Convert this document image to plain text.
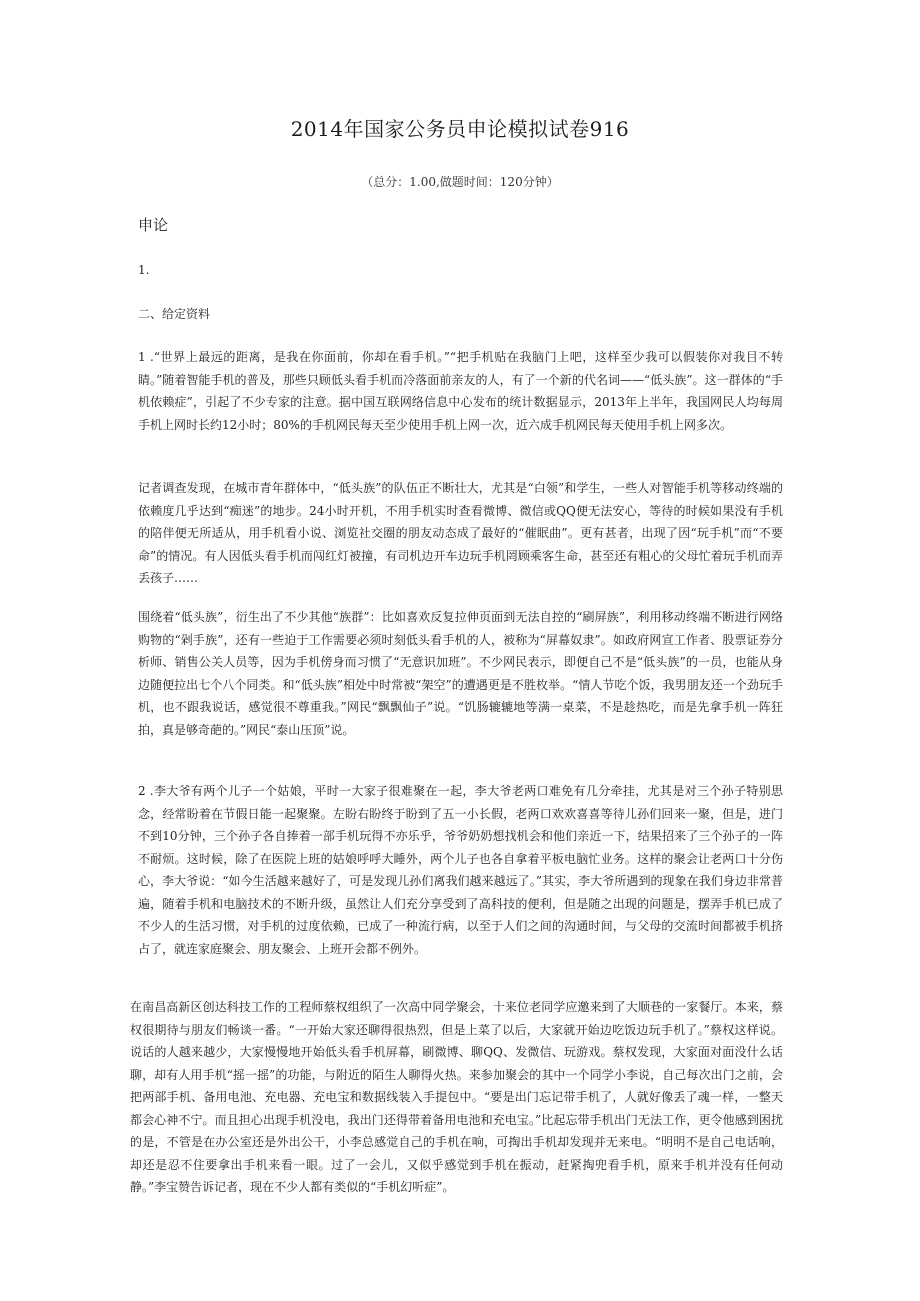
2014年国家公务员申论模拟试卷916
（总分：1.00,做题时间：120分钟）
申论
1.
二、给定资料

1 .“世界上最远的距离，是我在你面前，你却在看手机。”“把手机贴在我脑门上吧，这样至少我可以假装你对我目不转睛。”随着智能手机的普及，那些只顾低头看手机而冷落面前亲友的人，有了一个新的代名词——“低头族”。这一群体的“手机依赖症”，引起了不少专家的注意。据中国互联网络信息中心发布的统计数据显示，2013年上半年，我国网民人均每周手机上网时长约12小时；80%的手机网民每天至少使用手机上网一次，近六成手机网民每天使用手机上网多次。

记者调查发现，在城市青年群体中，“低头族”的队伍正不断壮大，尤其是“白领”和学生，一些人对智能手机等移动终端的依赖度几乎达到“痴迷”的地步。24小时开机，不用手机实时查看微博、微信或QQ便无法安心，等待的时候如果没有手机的陪伴便无所适从，用手机看小说、浏览社交圈的朋友动态成了最好的“催眠曲”。更有甚者，出现了因“玩手机”而“不要命”的情况。有人因低头看手机而闯红灯被撞，有司机边开车边玩手机罔顾乘客生命，甚至还有粗心的父母忙着玩手机而弄丢孩子……

围绕着“低头族”，衍生出了不少其他“族群”：比如喜欢反复拉伸页面到无法自控的“刷屏族”，利用移动终端不断进行网络购物的“剁手族”，还有一些迫于工作需要必须时刻低头看手机的人，被称为“屏幕奴隶”。如政府网宣工作者、股票证券分析师、销售公关人员等，因为手机傍身而习惯了“无意识加班”。不少网民表示，即便自己不是“低头族”的一员，也能从身边随便拉出七个八个同类。和“低头族”相处中时常被“架空”的遭遇更是不胜枚举。“情人节吃个饭，我男朋友还一个劲玩手机，也不跟我说话，感觉很不尊重我。”网民“飘飘仙子”说。“饥肠辘辘地等满一桌菜，不是趁热吃，而是先拿手机一阵狂拍，真是够奇葩的。”网民“泰山压顶”说。

2 .李大爷有两个儿子一个姑娘，平时一大家子很难聚在一起，李大爷老两口难免有几分牵挂，尤其是对三个孙子特别思念，经常盼着在节假日能一起聚聚。左盼右盼终于盼到了五一小长假，老两口欢欢喜喜等待儿孙们回来一聚，但是，进门不到10分钟，三个孙子各自捧着一部手机玩得不亦乐乎，爷爷奶奶想找机会和他们亲近一下，结果招来了三个孙子的一阵不耐烦。这时候，除了在医院上班的姑娘呼呼大睡外，两个儿子也各自拿着平板电脑忙业务。这样的聚会让老两口十分伤心，李大爷说：“如今生活越来越好了，可是发现儿孙们离我们越来越远了。”其实，李大爷所遇到的现象在我们身边非常普遍，随着手机和电脑技术的不断升级，虽然让人们充分享受到了高科技的便利，但是随之出现的问题是，摆弄手机已成了不少人的生活习惯，对手机的过度依赖，已成了一种流行病，以至于人们之间的沟通时间，与父母的交流时间都被手机挤占了，就连家庭聚会、朋友聚会、上班开会都不例外。

在南昌高新区创达科技工作的工程师蔡权组织了一次高中同学聚会，十来位老同学应邀来到了大顺巷的一家餐厅。本来，蔡权很期待与朋友们畅谈一番。“一开始大家还聊得很热烈，但是上菜了以后，大家就开始边吃饭边玩手机了。”蔡权这样说。说话的人越来越少，大家慢慢地开始低头看手机屏幕，刷微博、聊QQ、发微信、玩游戏。蔡权发现，大家面对面没什么话聊，却有人用手机“摇一摇”的功能，与附近的陌生人聊得火热。来参加聚会的其中一个同学小李说，自己每次出门之前，会把两部手机、备用电池、充电器、充电宝和数据线装入手提包中。“要是出门忘记带手机了，人就好像丢了魂一样，一整天都会心神不宁。而且担心出现手机没电，我出门还得带着备用电池和充电宝。”比起忘带手机出门无法工作，更令他感到困扰的是，不管是在办公室还是外出公干，小李总感觉自己的手机在响，可掏出手机却发现并无来电。“明明不是自己电话响，却还是忍不住要拿出手机来看一眼。过了一会儿，又似乎感觉到手机在振动，赶紧掏兜看手机，原来手机并没有任何动静。”李宝赞告诉记者，现在不少人都有类似的“手机幻听症”。
